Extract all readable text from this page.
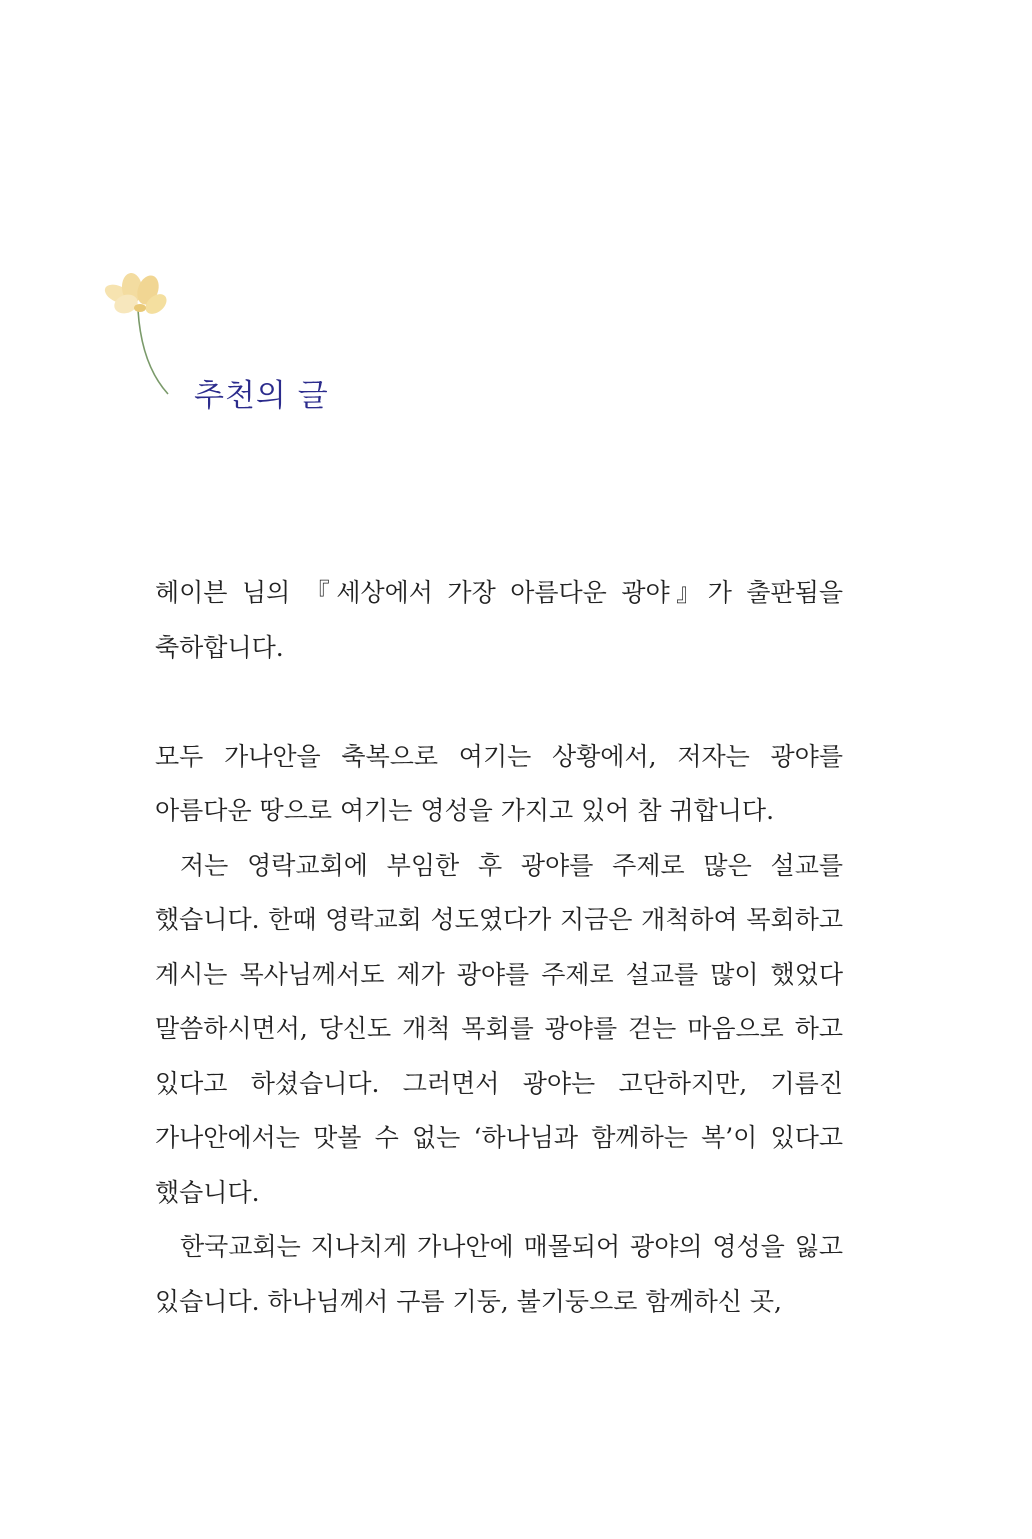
추천의 글

헤이븐 님의 『세상에서 가장 아름다운 광야』가 출판됨을 축하합니다.

모두 가나안을 축복으로 여기는 상황에서, 저자는 광야를 아름다운 땅으로 여기는 영성을 가지고 있어 참 귀합니다.

저는 영락교회에 부임한 후 광야를 주제로 많은 설교를 했습니다. 한때 영락교회 성도였다가 지금은 개척하여 목회하고 계시는 목사님께서도 제가 광야를 주제로 설교를 많이 했었다 말씀하시면서, 당신도 개척 목회를 광야를 걷는 마음으로 하고 있다고 하셨습니다. 그러면서 광야는 고단하지만, 기름진 가나안에서는 맛볼 수 없는 ‘하나님과 함께하는 복’이 있다고 했습니다.

한국교회는 지나치게 가나안에 매몰되어 광야의 영성을 잃고 있습니다. 하나님께서 구름 기둥, 불기둥으로 함께하신 곳,
